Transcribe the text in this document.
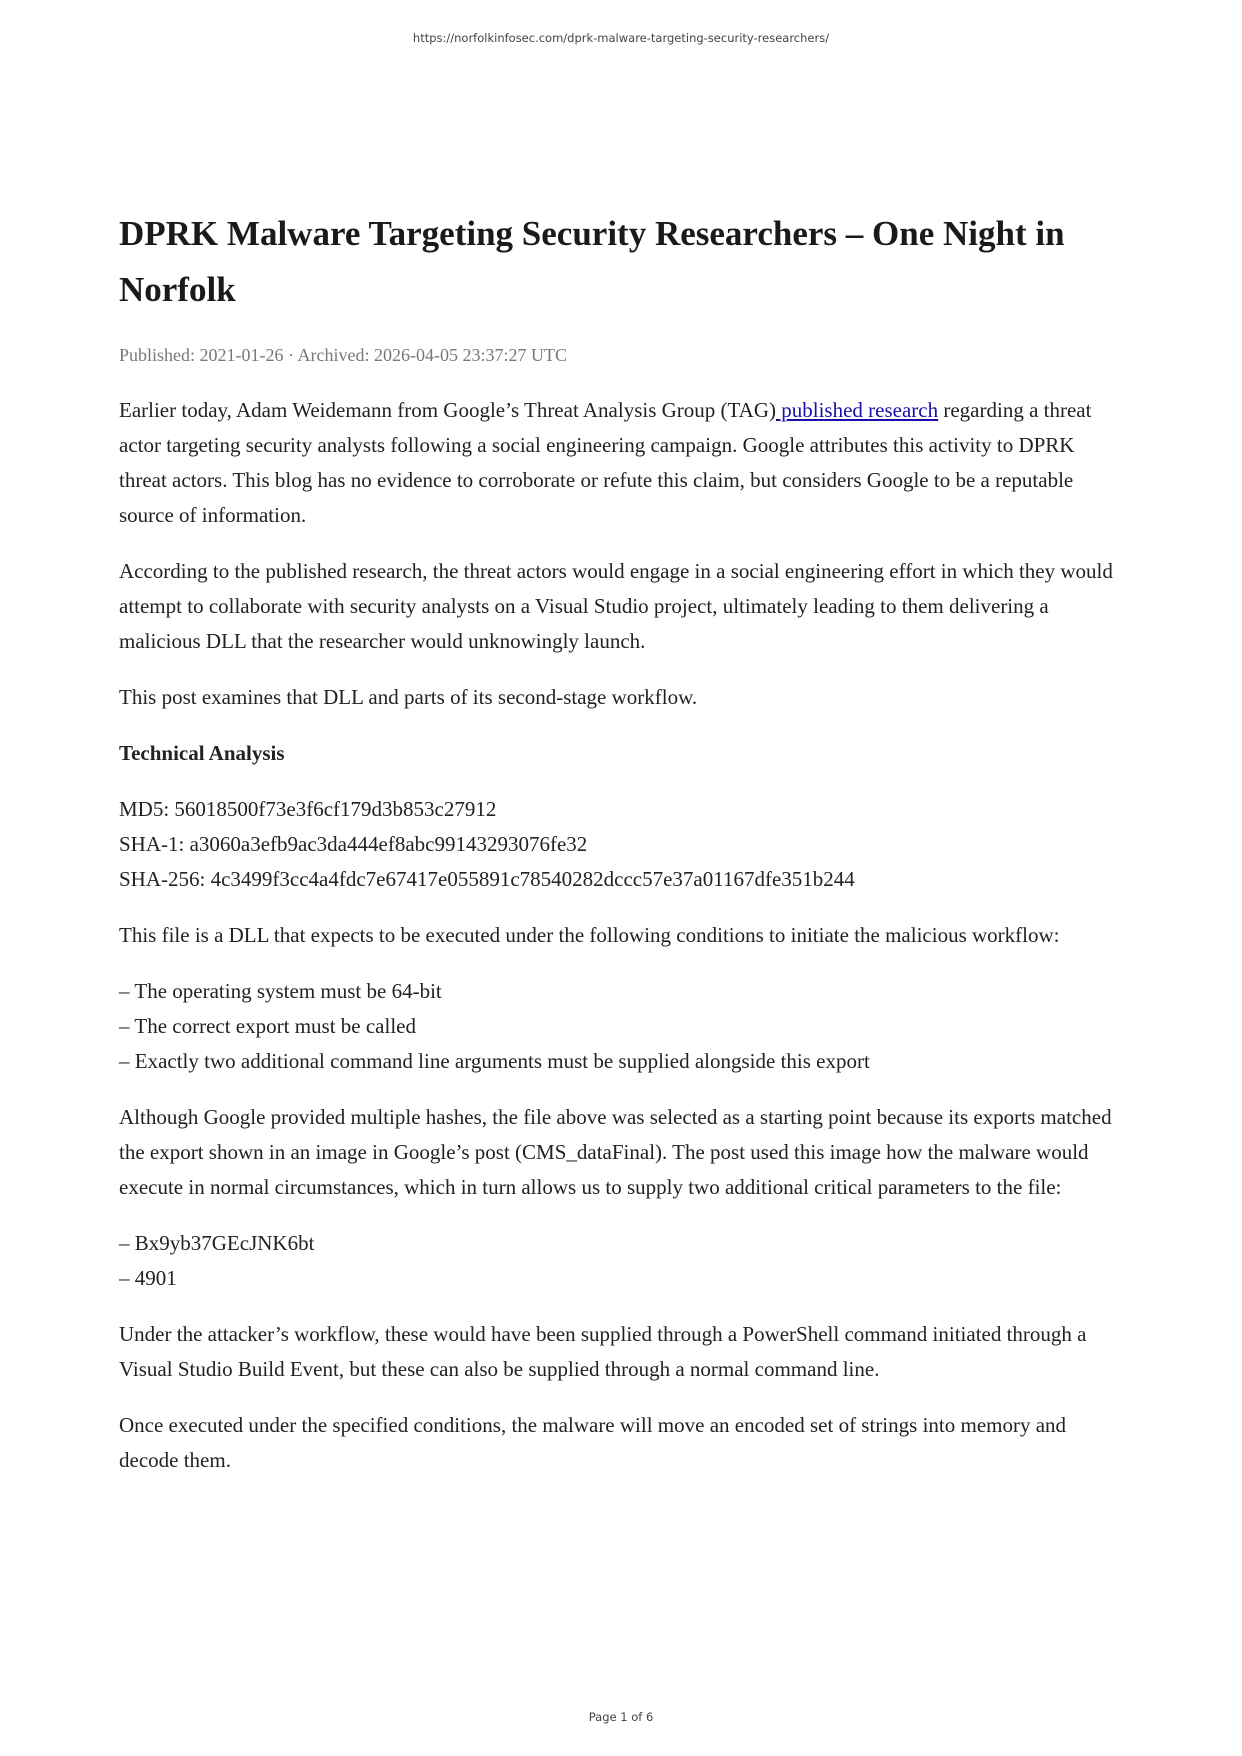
https://norfolkinfosec.com/dprk-malware-targeting-security-researchers/
DPRK Malware Targeting Security Researchers – One Night in Norfolk
Published: 2021-01-26 · Archived: 2026-04-05 23:37:27 UTC

Earlier today, Adam Weidemann from Google’s Threat Analysis Group (TAG) published research regarding a threat actor targeting security analysts following a social engineering campaign. Google attributes this activity to DPRK threat actors. This blog has no evidence to corroborate or refute this claim, but considers Google to be a reputable source of information.

According to the published research, the threat actors would engage in a social engineering effort in which they would attempt to collaborate with security analysts on a Visual Studio project, ultimately leading to them delivering a malicious DLL that the researcher would unknowingly launch.

This post examines that DLL and parts of its second-stage workflow.

Technical Analysis

MD5: 56018500f73e3f6cf179d3b853c27912
SHA-1: a3060a3efb9ac3da444ef8abc99143293076fe32
SHA-256: 4c3499f3cc4a4fdc7e67417e055891c78540282dccc57e37a01167dfe351b244

This file is a DLL that expects to be executed under the following conditions to initiate the malicious workflow:

– The operating system must be 64-bit
– The correct export must be called
– Exactly two additional command line arguments must be supplied alongside this export

Although Google provided multiple hashes, the file above was selected as a starting point because its exports matched the export shown in an image in Google’s post (CMS_dataFinal). The post used this image how the malware would execute in normal circumstances, which in turn allows us to supply two additional critical parameters to the file:

– Bx9yb37GEcJNK6bt
– 4901

Under the attacker’s workflow, these would have been supplied through a PowerShell command initiated through a Visual Studio Build Event, but these can also be supplied through a normal command line.

Once executed under the specified conditions, the malware will move an encoded set of strings into memory and decode them.

Page 1 of 6
